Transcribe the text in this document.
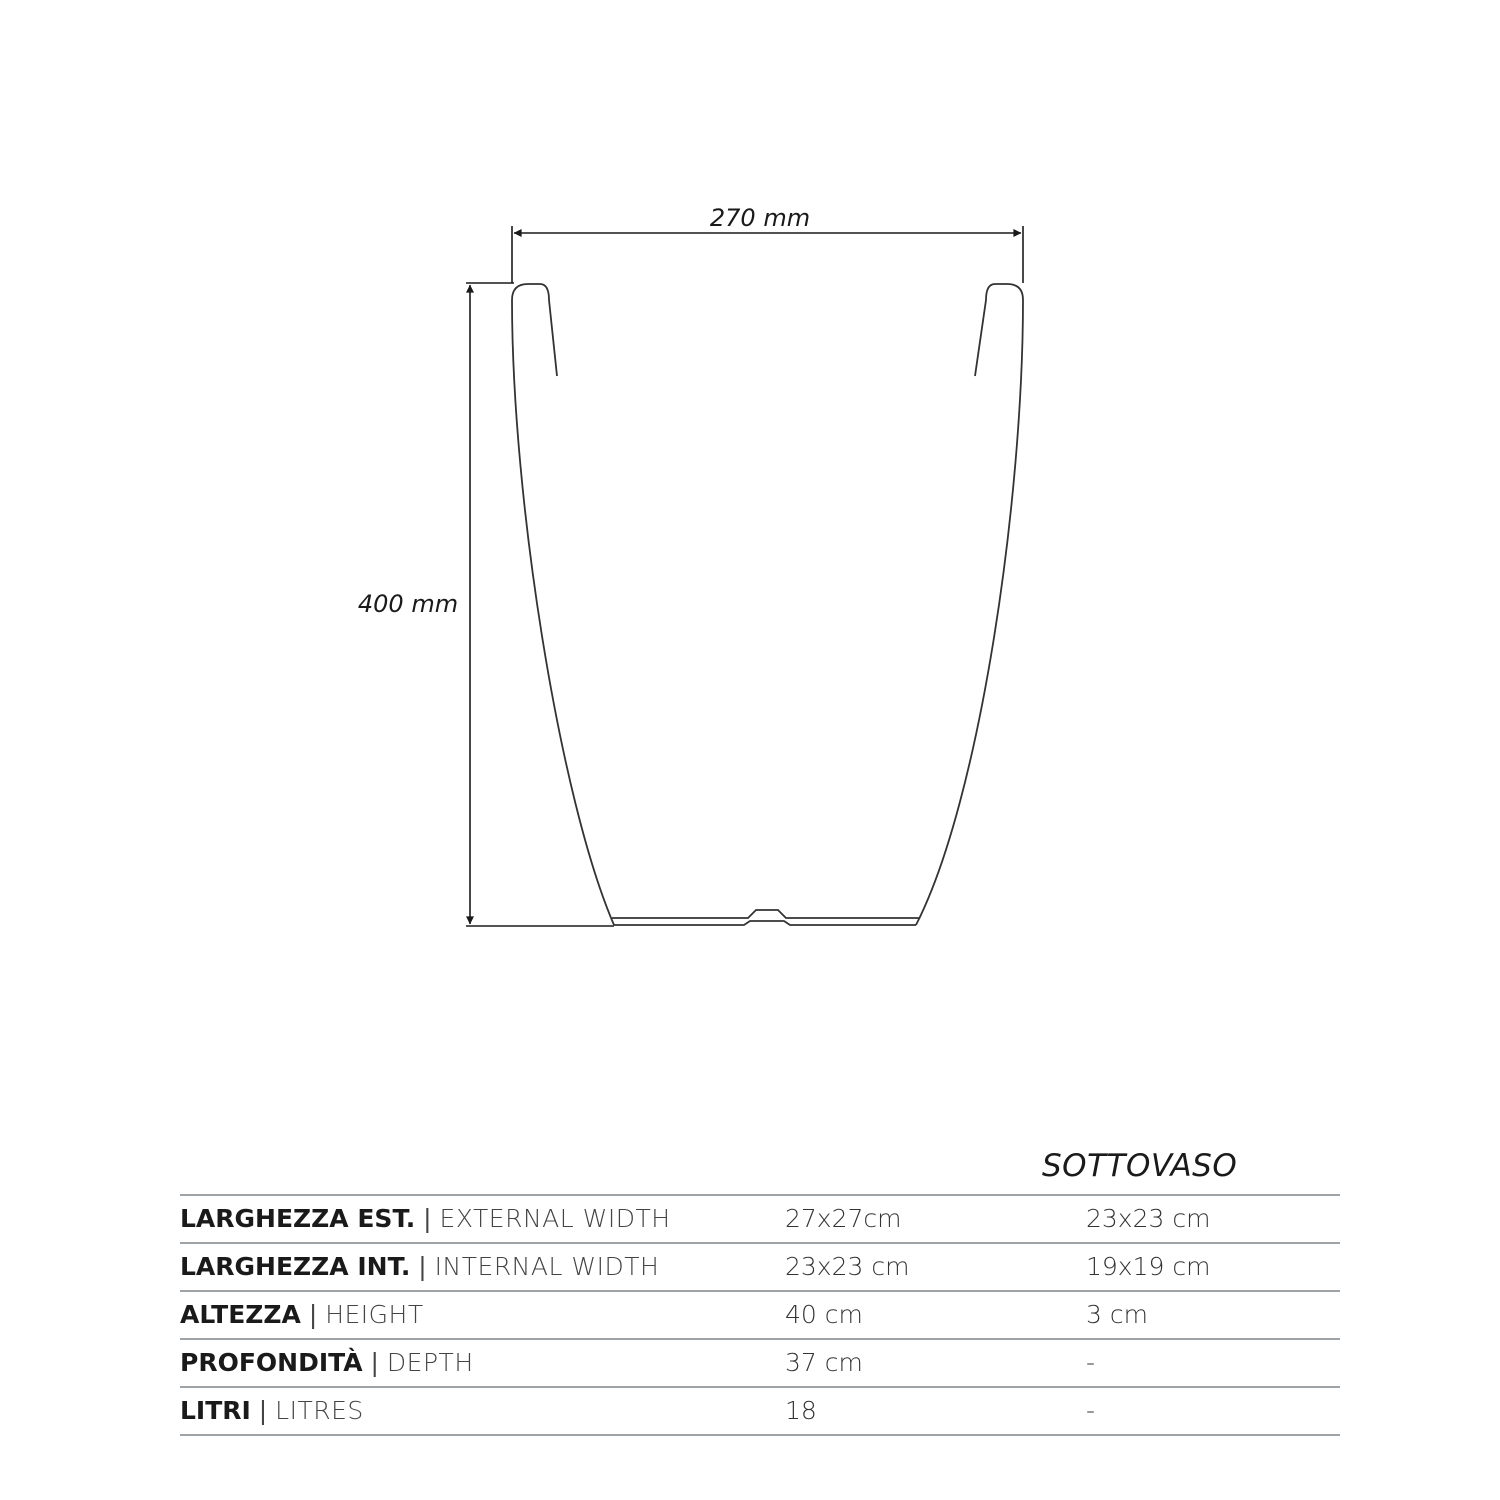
270 mm
400 mm
SOTTOVASO
LARGHEZZA EST. | EXTERNAL WIDTH	27x27cm	23x23 cm
LARGHEZZA INT. | INTERNAL WIDTH	23x23 cm	19x19 cm
ALTEZZA | HEIGHT	40 cm	3 cm
PROFONDITÀ | DEPTH	37 cm	-
LITRI | LITRES	18	-
